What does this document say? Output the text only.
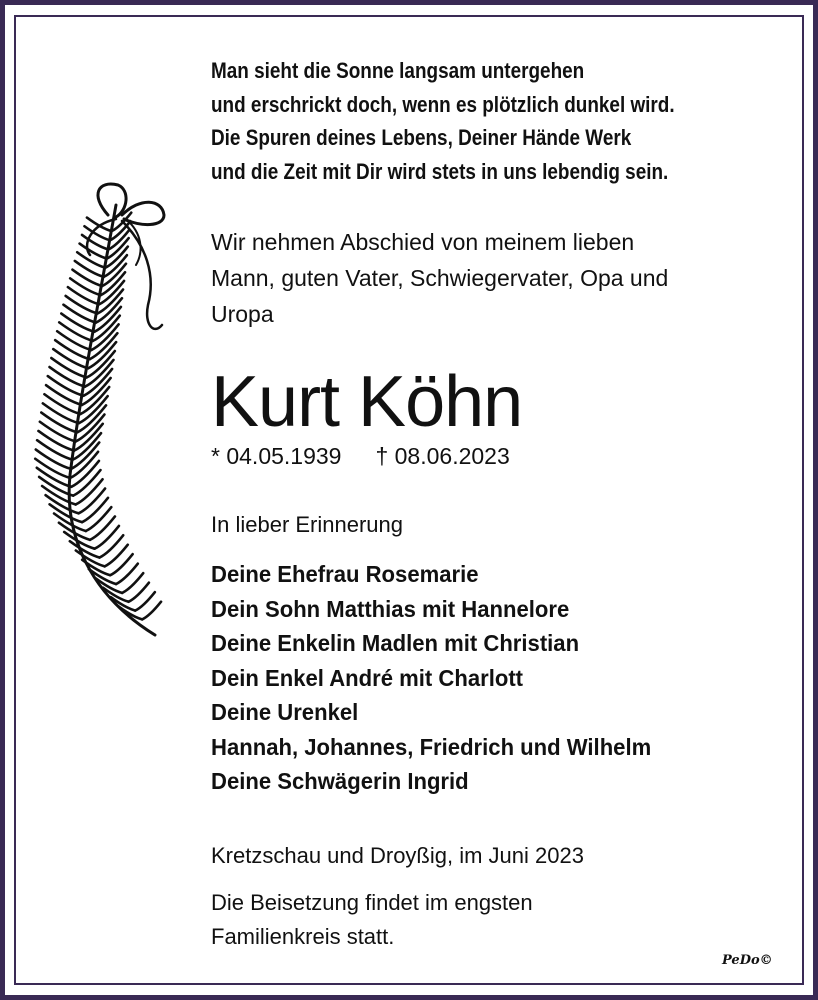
Man sieht die Sonne langsam untergehen
und erschrickt doch, wenn es plötzlich dunkel wird.
Die Spuren deines Lebens, Deiner Hände Werk
und die Zeit mit Dir wird stets in uns lebendig sein.
Wir nehmen Abschied von meinem lieben
Mann, guten Vater, Schwiegervater, Opa und
Uropa
Kurt Köhn
* 04.05.1939 † 08.06.2023
In lieber Erinnerung
Deine Ehefrau Rosemarie
Dein Sohn Matthias mit Hannelore
Deine Enkelin Madlen mit Christian
Dein Enkel André mit Charlott
Deine Urenkel
Hannah, Johannes, Friedrich und Wilhelm
Deine Schwägerin Ingrid
Kretzschau und Droyßig, im Juni 2023
Die Beisetzung findet im engsten
Familienkreis statt.
PeDo©
